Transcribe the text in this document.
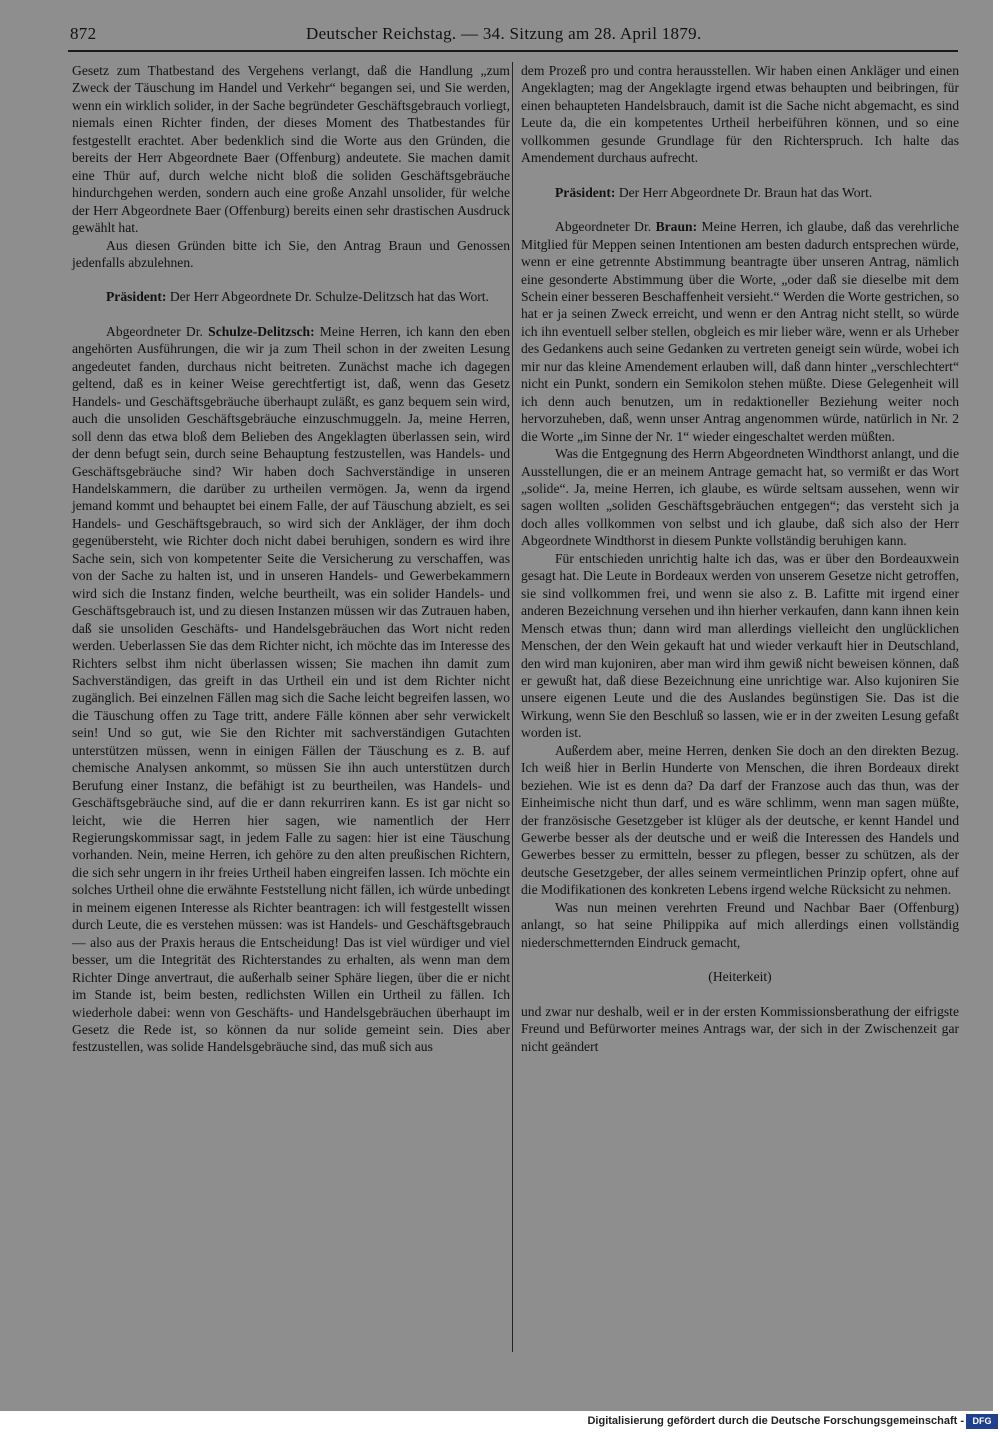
872	Deutscher Reichstag. — 34. Sitzung am 28. April 1879.

Gesetz zum Thatbestand des Vergehens verlangt, daß die Handlung „zum Zweck der Täuschung im Handel und Verkehr“ begangen sei, und Sie werden, wenn ein wirklich solider, in der Sache begründeter Geschäftsgebrauch vorliegt, niemals einen Richter finden, der dieses Moment des Thatbestandes für festgestellt erachtet. Aber bedenklich sind die Worte aus den Gründen, die bereits der Herr Abgeordnete Baer (Offenburg) andeutete. Sie machen damit eine Thür auf, durch welche nicht bloß die soliden Geschäftsgebräuche hindurchgehen werden, sondern auch eine große Anzahl unsolider, für welche der Herr Abgeordnete Baer (Offenburg) bereits einen sehr drastischen Ausdruck gewählt hat.

Aus diesen Gründen bitte ich Sie, den Antrag Braun und Genossen jedenfalls abzulehnen.

Präsident: Der Herr Abgeordnete Dr. Schulze-Delitzsch hat das Wort.

Abgeordneter Dr. Schulze-Delitzsch: Meine Herren, ich kann den eben angehörten Ausführungen, die wir ja zum Theil schon in der zweiten Lesung angedeutet fanden, durchaus nicht beitreten. Zunächst mache ich dagegen geltend, daß es in keiner Weise gerechtfertigt ist, daß, wenn das Gesetz Handels- und Geschäftsgebräuche überhaupt zuläßt, es ganz bequem sein wird, auch die unsoliden Geschäftsgebräuche einzuschmuggeln. Ja, meine Herren, soll denn das etwa bloß dem Belieben des Angeklagten überlassen sein, wird der denn befugt sein, durch seine Behauptung festzustellen, was Handels- und Geschäftsgebräuche sind? Wir haben doch Sachverständige in unseren Handelskammern, die darüber zu urtheilen vermögen. Ja, wenn da irgend jemand kommt und behauptet bei einem Falle, der auf Täuschung abzielt, es sei Handels- und Geschäftsgebrauch, so wird sich der Ankläger, der ihm doch gegenübersteht, wie Richter doch nicht dabei beruhigen, sondern es wird ihre Sache sein, sich von kompetenter Seite die Versicherung zu verschaffen, was von der Sache zu halten ist, und in unseren Handels- und Gewerbekammern wird sich die Instanz finden, welche beurtheilt, was ein solider Handels- und Geschäftsgebrauch ist, und zu diesen Instanzen müssen wir das Zutrauen haben, daß sie unsoliden Geschäfts- und Handelsgebräuchen das Wort nicht reden werden. Ueberlassen Sie das dem Richter nicht, ich möchte das im Interesse des Richters selbst ihm nicht überlassen wissen; Sie machen ihn damit zum Sachverständigen, das greift in das Urtheil ein und ist dem Richter nicht zugänglich. Bei einzelnen Fällen mag sich die Sache leicht begreifen lassen, wo die Täuschung offen zu Tage tritt, andere Fälle können aber sehr verwickelt sein! Und so gut, wie Sie den Richter mit sachverständigen Gutachten unterstützen müssen, wenn in einigen Fällen der Täuschung es z. B. auf chemische Analysen ankommt, so müssen Sie ihn auch unterstützen durch Berufung einer Instanz, die befähigt ist zu beurtheilen, was Handels- und Geschäftsgebräuche sind, auf die er dann rekurriren kann. Es ist gar nicht so leicht, wie die Herren hier sagen, wie namentlich der Herr Regierungskommissar sagt, in jedem Falle zu sagen: hier ist eine Täuschung vorhanden. Nein, meine Herren, ich gehöre zu den alten preußischen Richtern, die sich sehr ungern in ihr freies Urtheil haben eingreifen lassen. Ich möchte ein solches Urtheil ohne die erwähnte Feststellung nicht fällen, ich würde unbedingt in meinem eigenen Interesse als Richter beantragen: ich will festgestellt wissen durch Leute, die es verstehen müssen: was ist Handels- und Geschäftsgebrauch — also aus der Praxis heraus die Entscheidung! Das ist viel würdiger und viel besser, um die Integrität des Richterstandes zu erhalten, als wenn man dem Richter Dinge anvertraut, die außerhalb seiner Sphäre liegen, über die er nicht im Stande ist, beim besten, redlichsten Willen ein Urtheil zu fällen. Ich wiederhole dabei: wenn von Geschäfts- und Handelsgebräuchen überhaupt im Gesetz die Rede ist, so können da nur solide gemeint sein. Dies aber festzustellen, was solide Handelsgebräuche sind, das muß sich aus

dem Prozeß pro und contra herausstellen. Wir haben einen Ankläger und einen Angeklagten; mag der Angeklagte irgend etwas behaupten und beibringen, für einen behaupteten Handelsbrauch, damit ist die Sache nicht abgemacht, es sind Leute da, die ein kompetentes Urtheil herbeiführen können, und so eine vollkommen gesunde Grundlage für den Richterspruch. Ich halte das Amendement durchaus aufrecht.

Präsident: Der Herr Abgeordnete Dr. Braun hat das Wort.

Abgeordneter Dr. Braun: Meine Herren, ich glaube, daß das verehrliche Mitglied für Meppen seinen Intentionen am besten dadurch entsprechen würde, wenn er eine getrennte Abstimmung beantragte über unseren Antrag, nämlich eine gesonderte Abstimmung über die Worte, „oder daß sie dieselbe mit dem Schein einer besseren Beschaffenheit versieht.“ Werden die Worte gestrichen, so hat er ja seinen Zweck erreicht, und wenn er den Antrag nicht stellt, so würde ich ihn eventuell selber stellen, obgleich es mir lieber wäre, wenn er als Urheber des Gedankens auch seine Gedanken zu vertreten geneigt sein würde, wobei ich mir nur das kleine Amendement erlauben will, daß dann hinter „verschlechtert“ nicht ein Punkt, sondern ein Semikolon stehen müßte. Diese Gelegenheit will ich denn auch benutzen, um in redaktioneller Beziehung weiter noch hervorzuheben, daß, wenn unser Antrag angenommen würde, natürlich in Nr. 2 die Worte „im Sinne der Nr. 1“ wieder eingeschaltet werden müßten.

Was die Entgegnung des Herrn Abgeordneten Windthorst anlangt, und die Ausstellungen, die er an meinem Antrage gemacht hat, so vermißt er das Wort „solide“. Ja, meine Herren, ich glaube, es würde seltsam aussehen, wenn wir sagen wollten „soliden Geschäftsgebräuchen entgegen“; das versteht sich ja doch alles vollkommen von selbst und ich glaube, daß sich also der Herr Abgeordnete Windthorst in diesem Punkte vollständig beruhigen kann.

Für entschieden unrichtig halte ich das, was er über den Bordeauxwein gesagt hat. Die Leute in Bordeaux werden von unserem Gesetze nicht getroffen, sie sind vollkommen frei, und wenn sie also z. B. Lafitte mit irgend einer anderen Bezeichnung versehen und ihn hierher verkaufen, dann kann ihnen kein Mensch etwas thun; dann wird man allerdings vielleicht den unglücklichen Menschen, der den Wein gekauft hat und wieder verkauft hier in Deutschland, den wird man kujoniren, aber man wird ihm gewiß nicht beweisen können, daß er gewußt hat, daß diese Bezeichnung eine unrichtige war. Also kujoniren Sie unsere eigenen Leute und die des Auslandes begünstigen Sie. Das ist die Wirkung, wenn Sie den Beschluß so lassen, wie er in der zweiten Lesung gefaßt worden ist.

Außerdem aber, meine Herren, denken Sie doch an den direkten Bezug. Ich weiß hier in Berlin Hunderte von Menschen, die ihren Bordeaux direkt beziehen. Wie ist es denn da? Da darf der Franzose auch das thun, was der Einheimische nicht thun darf, und es wäre schlimm, wenn man sagen müßte, der französische Gesetzgeber ist klüger als der deutsche, er kennt Handel und Gewerbe besser als der deutsche und er weiß die Interessen des Handels und Gewerbes besser zu ermitteln, besser zu pflegen, besser zu schützen, als der deutsche Gesetzgeber, der alles seinem vermeintlichen Prinzip opfert, ohne auf die Modifikationen des konkreten Lebens irgend welche Rücksicht zu nehmen.

Was nun meinen verehrten Freund und Nachbar Baer (Offenburg) anlangt, so hat seine Philippika auf mich allerdings einen vollständig niederschmetternden Eindruck gemacht,

(Heiterkeit)

und zwar nur deshalb, weil er in der ersten Kommissionsberathung der eifrigste Freund und Befürworter meines Antrags war, der sich in der Zwischenzeit gar nicht geändert

Digitalisierung gefördert durch die Deutsche Forschungsgemeinschaft - DFG
